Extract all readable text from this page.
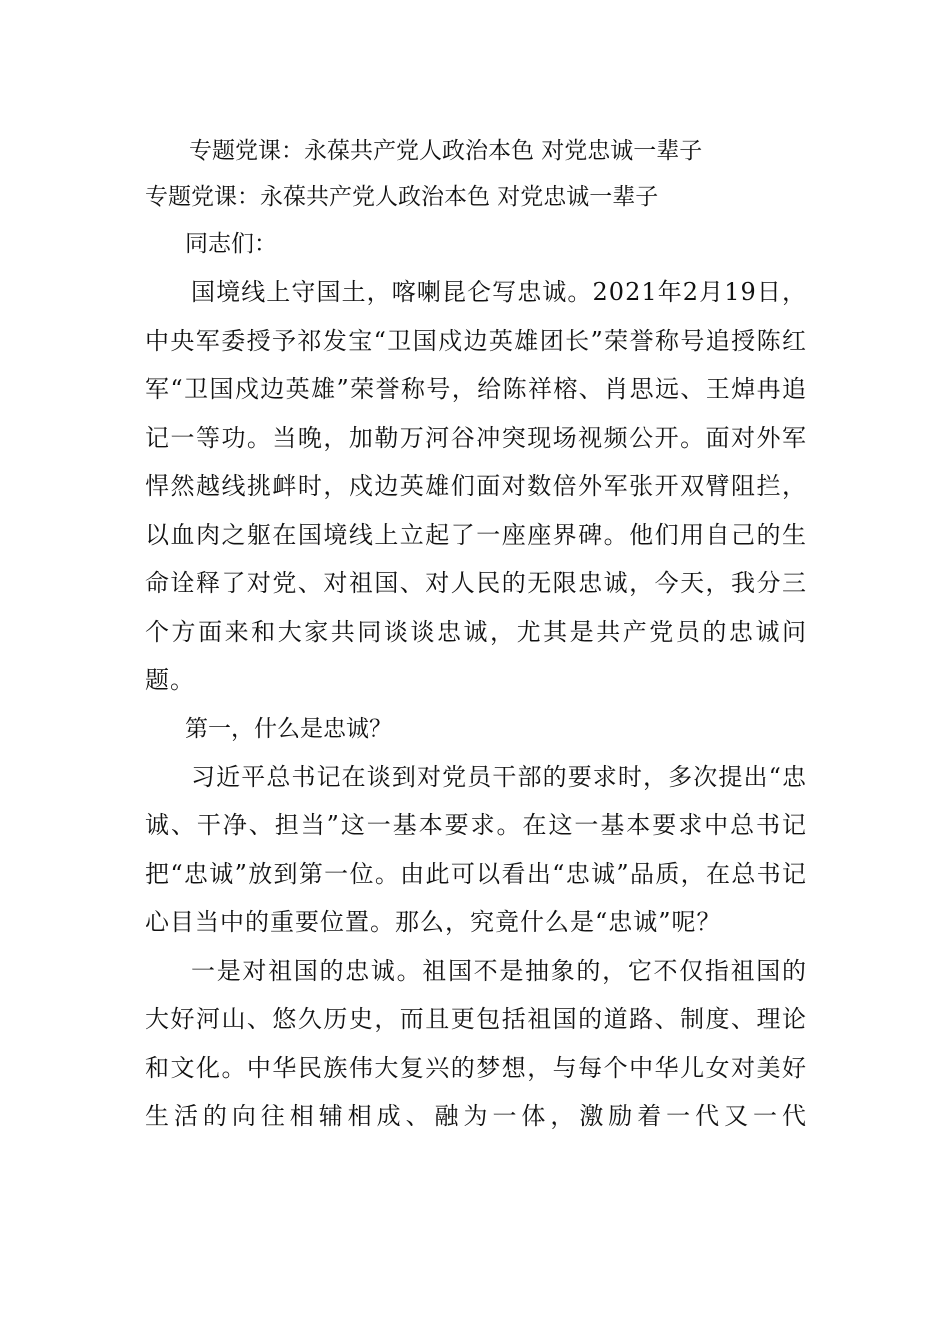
专题党课：永葆共产党人政治本色 对党忠诚一辈子

专题党课：永葆共产党人政治本色 对党忠诚一辈子

同志们：

国境线上守国土，喀喇昆仑写忠诚。2021年2月19日，中央军委授予祁发宝“卫国戍边英雄团长”荣誉称号追授陈红军“卫国戍边英雄”荣誉称号，给陈祥榕、肖思远、王焯冉追记一等功。当晚，加勒万河谷冲突现场视频公开。面对外军悍然越线挑衅时，戍边英雄们面对数倍外军张开双臂阻拦，以血肉之躯在国境线上立起了一座座界碑。他们用自己的生命诠释了对党、对祖国、对人民的无限忠诚，今天，我分三个方面来和大家共同谈谈忠诚，尤其是共产党员的忠诚问题。

第一，什么是忠诚？

习近平总书记在谈到对党员干部的要求时，多次提出“忠诚、干净、担当”这一基本要求。在这一基本要求中总书记把“忠诚”放到第一位。由此可以看出“忠诚”品质，在总书记心目当中的重要位置。那么，究竟什么是“忠诚”呢？

一是对祖国的忠诚。祖国不是抽象的，它不仅指祖国的大好河山、悠久历史，而且更包括祖国的道路、制度、理论和文化。中华民族伟大复兴的梦想，与每个中华儿女对美好生活的向往相辅相成、融为一体，激励着一代又一代
